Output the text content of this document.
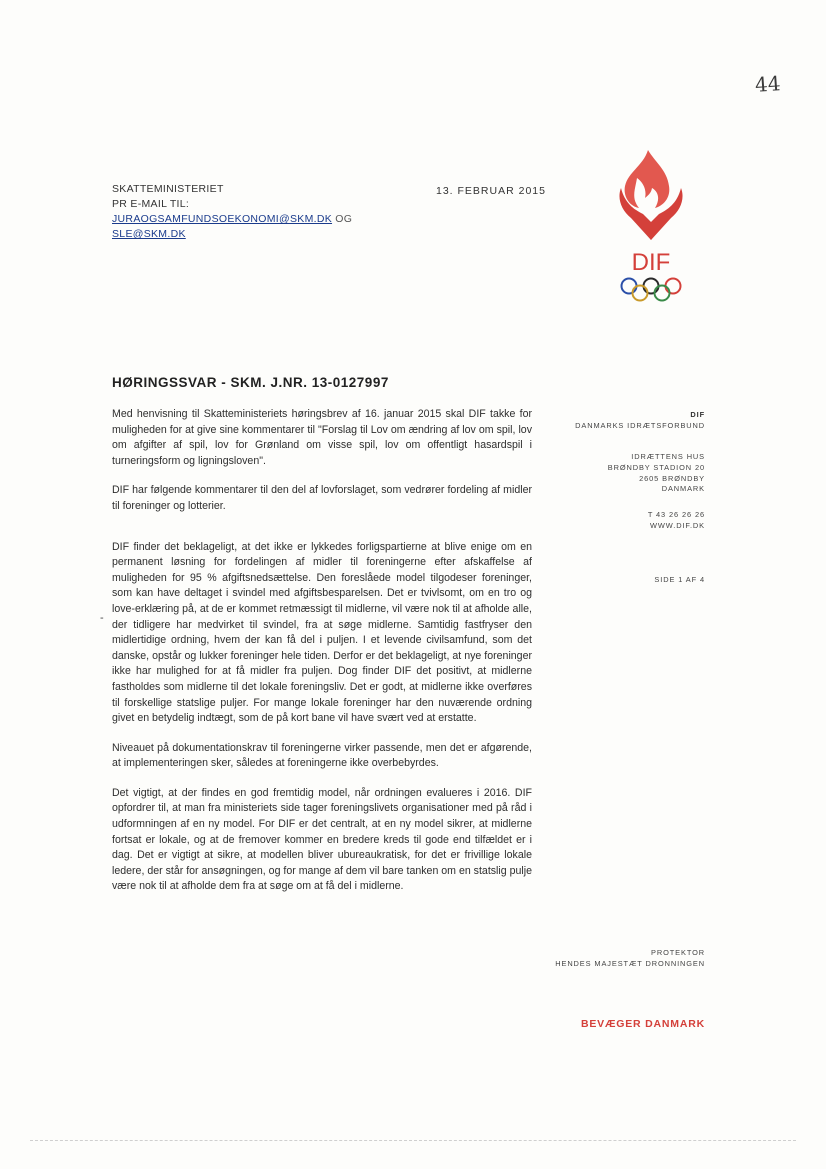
44
SKATTEMINISTERIET
PR E-MAIL TIL:
JURAOGSAMFUNDSOEKONOMI@SKM.DK OG
SLE@SKM.DK
13. FEBRUAR 2015
DIF
HØRINGSSVAR - SKM. J.NR. 13-0127997
-

Med henvisning til Skatteministeriets høringsbrev af 16. januar 2015 skal DIF takke for muligheden for at give sine kommentarer til "Forslag til Lov om ændring af lov om spil, lov om afgifter af spil, lov for Grønland om visse spil, lov om offentligt hasardspil i turneringsform og ligningsloven".

DIF har følgende kommentarer til den del af lovforslaget, som vedrører fordeling af midler til foreninger og lotterier.

DIF finder det beklageligt, at det ikke er lykkedes forligspartierne at blive enige om en permanent løsning for fordelingen af midler til foreningerne efter afskaffelse af muligheden for 95 % afgiftsnedsættelse. Den foreslåede model tilgodeser foreninger, som kan have deltaget i svindel med afgiftsbesparelsen. Det er tvivlsomt, om en tro og love-erklæring på, at de er kommet retmæssigt til midlerne, vil være nok til at afholde alle, der tidligere har medvirket til svindel, fra at søge midlerne. Samtidig fastfryser den midlertidige ordning, hvem der kan få del i puljen. I et levende civilsamfund, som det danske, opstår og lukker foreninger hele tiden. Derfor er det beklageligt, at nye foreninger ikke har mulighed for at få midler fra puljen. Dog finder DIF det positivt, at midlerne fastholdes som midlerne til det lokale foreningsliv. Det er godt, at midlerne ikke overføres til forskellige statslige puljer. For mange lokale foreninger har den nuværende ordning givet en betydelig indtægt, som de på kort bane vil have svært ved at erstatte.

Niveauet på dokumentationskrav til foreningerne virker passende, men det er afgørende, at implementeringen sker, således at foreningerne ikke overbebyrdes.

Det vigtigt, at der findes en god fremtidig model, når ordningen evalueres i 2016. DIF opfordrer til, at man fra ministeriets side tager foreningslivets organisationer med på råd i udformningen af en ny model. For DIF er det centralt, at en ny model sikrer, at midlerne fortsat er lokale, og at de fremover kommer en bredere kreds til gode end tilfældet er i dag. Det er vigtigt at sikre, at modellen bliver ubureaukratisk, for det er frivillige lokale ledere, der står for ansøgningen, og for mange af dem vil bare tanken om en statslig pulje være nok til at afholde dem fra at søge om at få del i midlerne.

DIF
DANMARKS IDRÆTSFORBUND
IDRÆTTENS HUS
BRØNDBY STADION 20
2605 BRØNDBY
DANMARK
T 43 26 26 26
WWW.DIF.DK
SIDE 1 AF 4
PROTEKTOR
HENDES MAJESTÆT DRONNINGEN
BEVÆGER DANMARK
